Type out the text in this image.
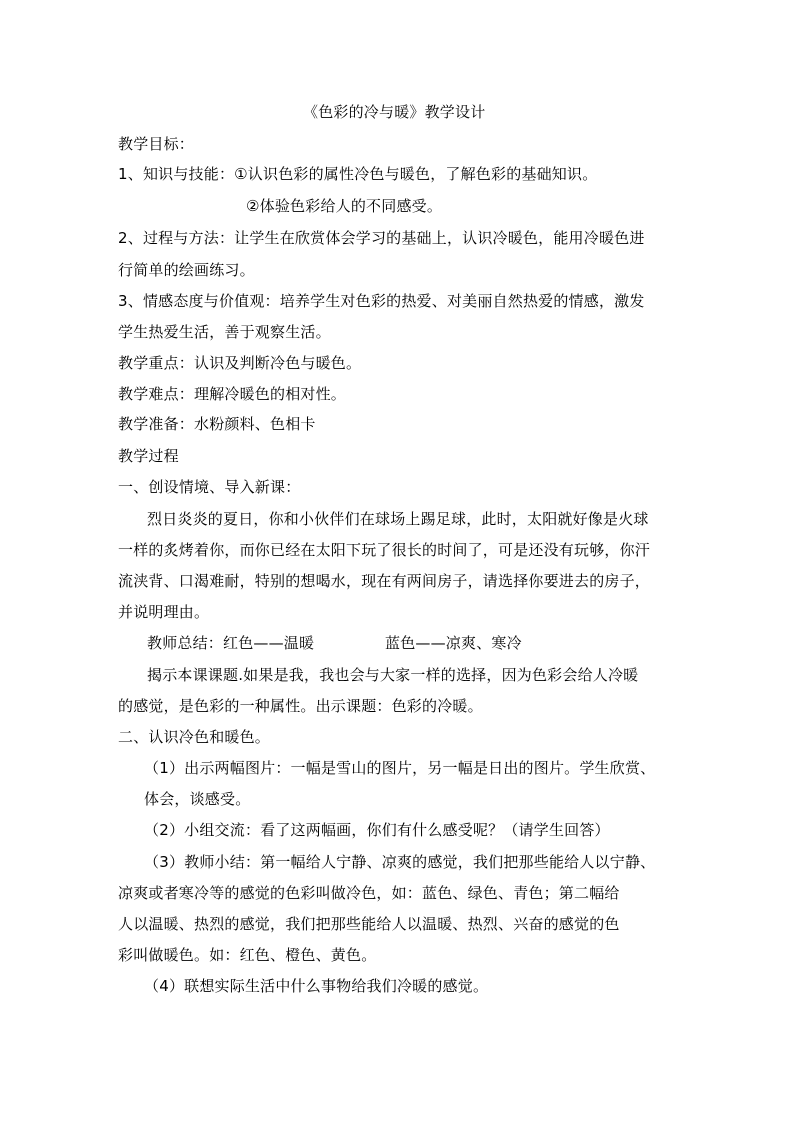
《色彩的冷与暖》教学设计
教学目标：
1、知识与技能：①认识色彩的属性冷色与暖色，了解色彩的基础知识。
②体验色彩给人的不同感受。
2、过程与方法：让学生在欣赏体会学习的基础上，认识冷暖色，能用冷暖色进
行简单的绘画练习。
3、情感态度与价值观：培养学生对色彩的热爱、对美丽自然热爱的情感，激发
学生热爱生活，善于观察生活。
教学重点：认识及判断冷色与暖色。
教学难点：理解冷暖色的相对性。
教学准备：水粉颜料、色相卡
教学过程
一、创设情境、导入新课：
烈日炎炎的夏日，你和小伙伴们在球场上踢足球，此时，太阳就好像是火球
一样的炙烤着你，而你已经在太阳下玩了很长的时间了，可是还没有玩够，你汗
流浃背、口渴难耐，特别的想喝水，现在有两间房子，请选择你要进去的房子，
并说明理由。
教师总结：红色——温暖	蓝色——凉爽、寒冷
揭示本课课题.如果是我，我也会与大家一样的选择，因为色彩会给人冷暖
的感觉，是色彩的一种属性。出示课题：色彩的冷暖。
二、认识冷色和暖色。
（1）出示两幅图片：一幅是雪山的图片，另一幅是日出的图片。学生欣赏、
体会，谈感受。
（2）小组交流：看了这两幅画，你们有什么感受呢？（请学生回答）
（3）教师小结：第一幅给人宁静、凉爽的感觉，我们把那些能给人以宁静、
凉爽或者寒冷等的感觉的色彩叫做冷色，如：蓝色、绿色、青色；第二幅给
人以温暖、热烈的感觉，我们把那些能给人以温暖、热烈、兴奋的感觉的色
彩叫做暖色。如：红色、橙色、黄色。
（4）联想实际生活中什么事物给我们冷暖的感觉。
